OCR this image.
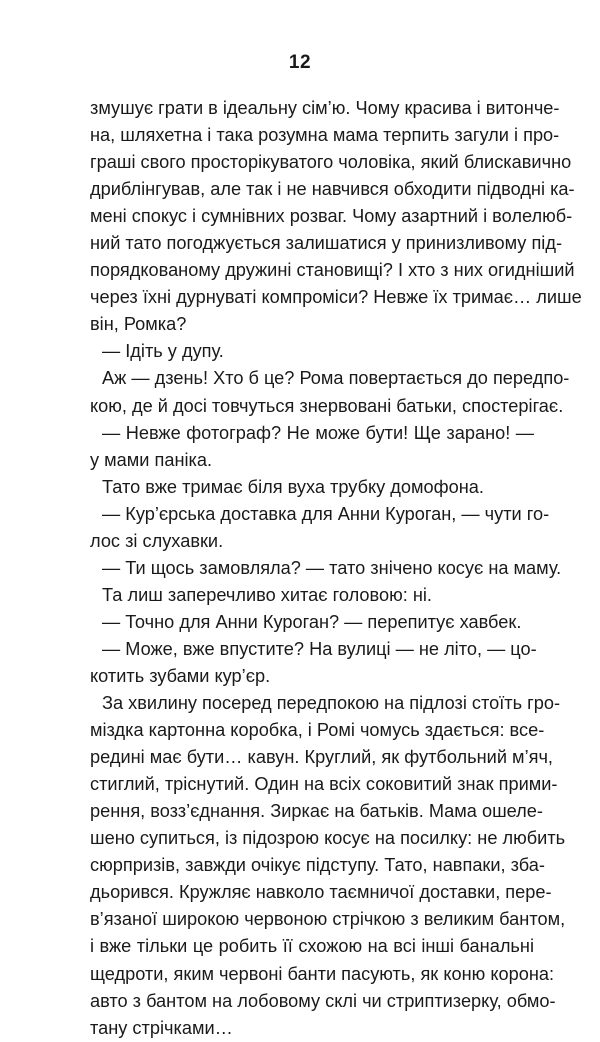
12
змушує грати в ідеальну сім’ю. Чому красива і витонче-
на, шляхетна і така розумна мама терпить загули і про-
граші свого просторікуватого чоловіка, який блискавично
дриблінгував, але так і не навчився обходити підводні ка-
мені спокус і сумнівних розваг. Чому азартний і волелюб-
ний тато погоджується залишатися у принизливому під-
порядкованому дружині становищі? І хто з них огидніший
через їхні дурнуваті компроміси? Невже їх тримає… лише
він, Ромка?
— Ідіть у дупу.
Аж — дзень! Хто б це? Рома повертається до передпо-
кою, де й досі товчуться знервовані батьки, спостерігає.
— Невже фотограф? Не може бути! Ще зарано! —
у мами паніка.
Тато вже тримає біля вуха трубку домофона.
— Кур’єрська доставка для Анни Куроган, — чути го-
лос зі слухавки.
— Ти щось замовляла? — тато знічено косує на маму.
Та лиш заперечливо хитає головою: ні.
— Точно для Анни Куроган? — перепитує хавбек.
— Може, вже впустите? На вулиці — не літо, — цо-
котить зубами кур’єр.
За хвилину посеред передпокою на підлозі стоїть гро-
міздка картонна коробка, і Ромі чомусь здається: все-
редині має бути… кавун. Круглий, як футбольний м’яч,
стиглий, тріснутий. Один на всіх соковитий знак прими-
рення, возз’єднання. Зиркає на батьків. Мама ошеле-
шено супиться, із підозрою косує на посилку: не любить
сюрпризів, завжди очікує підступу. Тато, навпаки, зба-
дьорився. Кружляє навколо таємничої доставки, пере-
в’язаної широкою червоною стрічкою з великим бантом,
і вже тільки це робить її схожою на всі інші банальні
щедроти, яким червоні банти пасують, як коню корона:
авто з бантом на лобовому склі чи стриптизерку, обмо-
тану стрічками…
